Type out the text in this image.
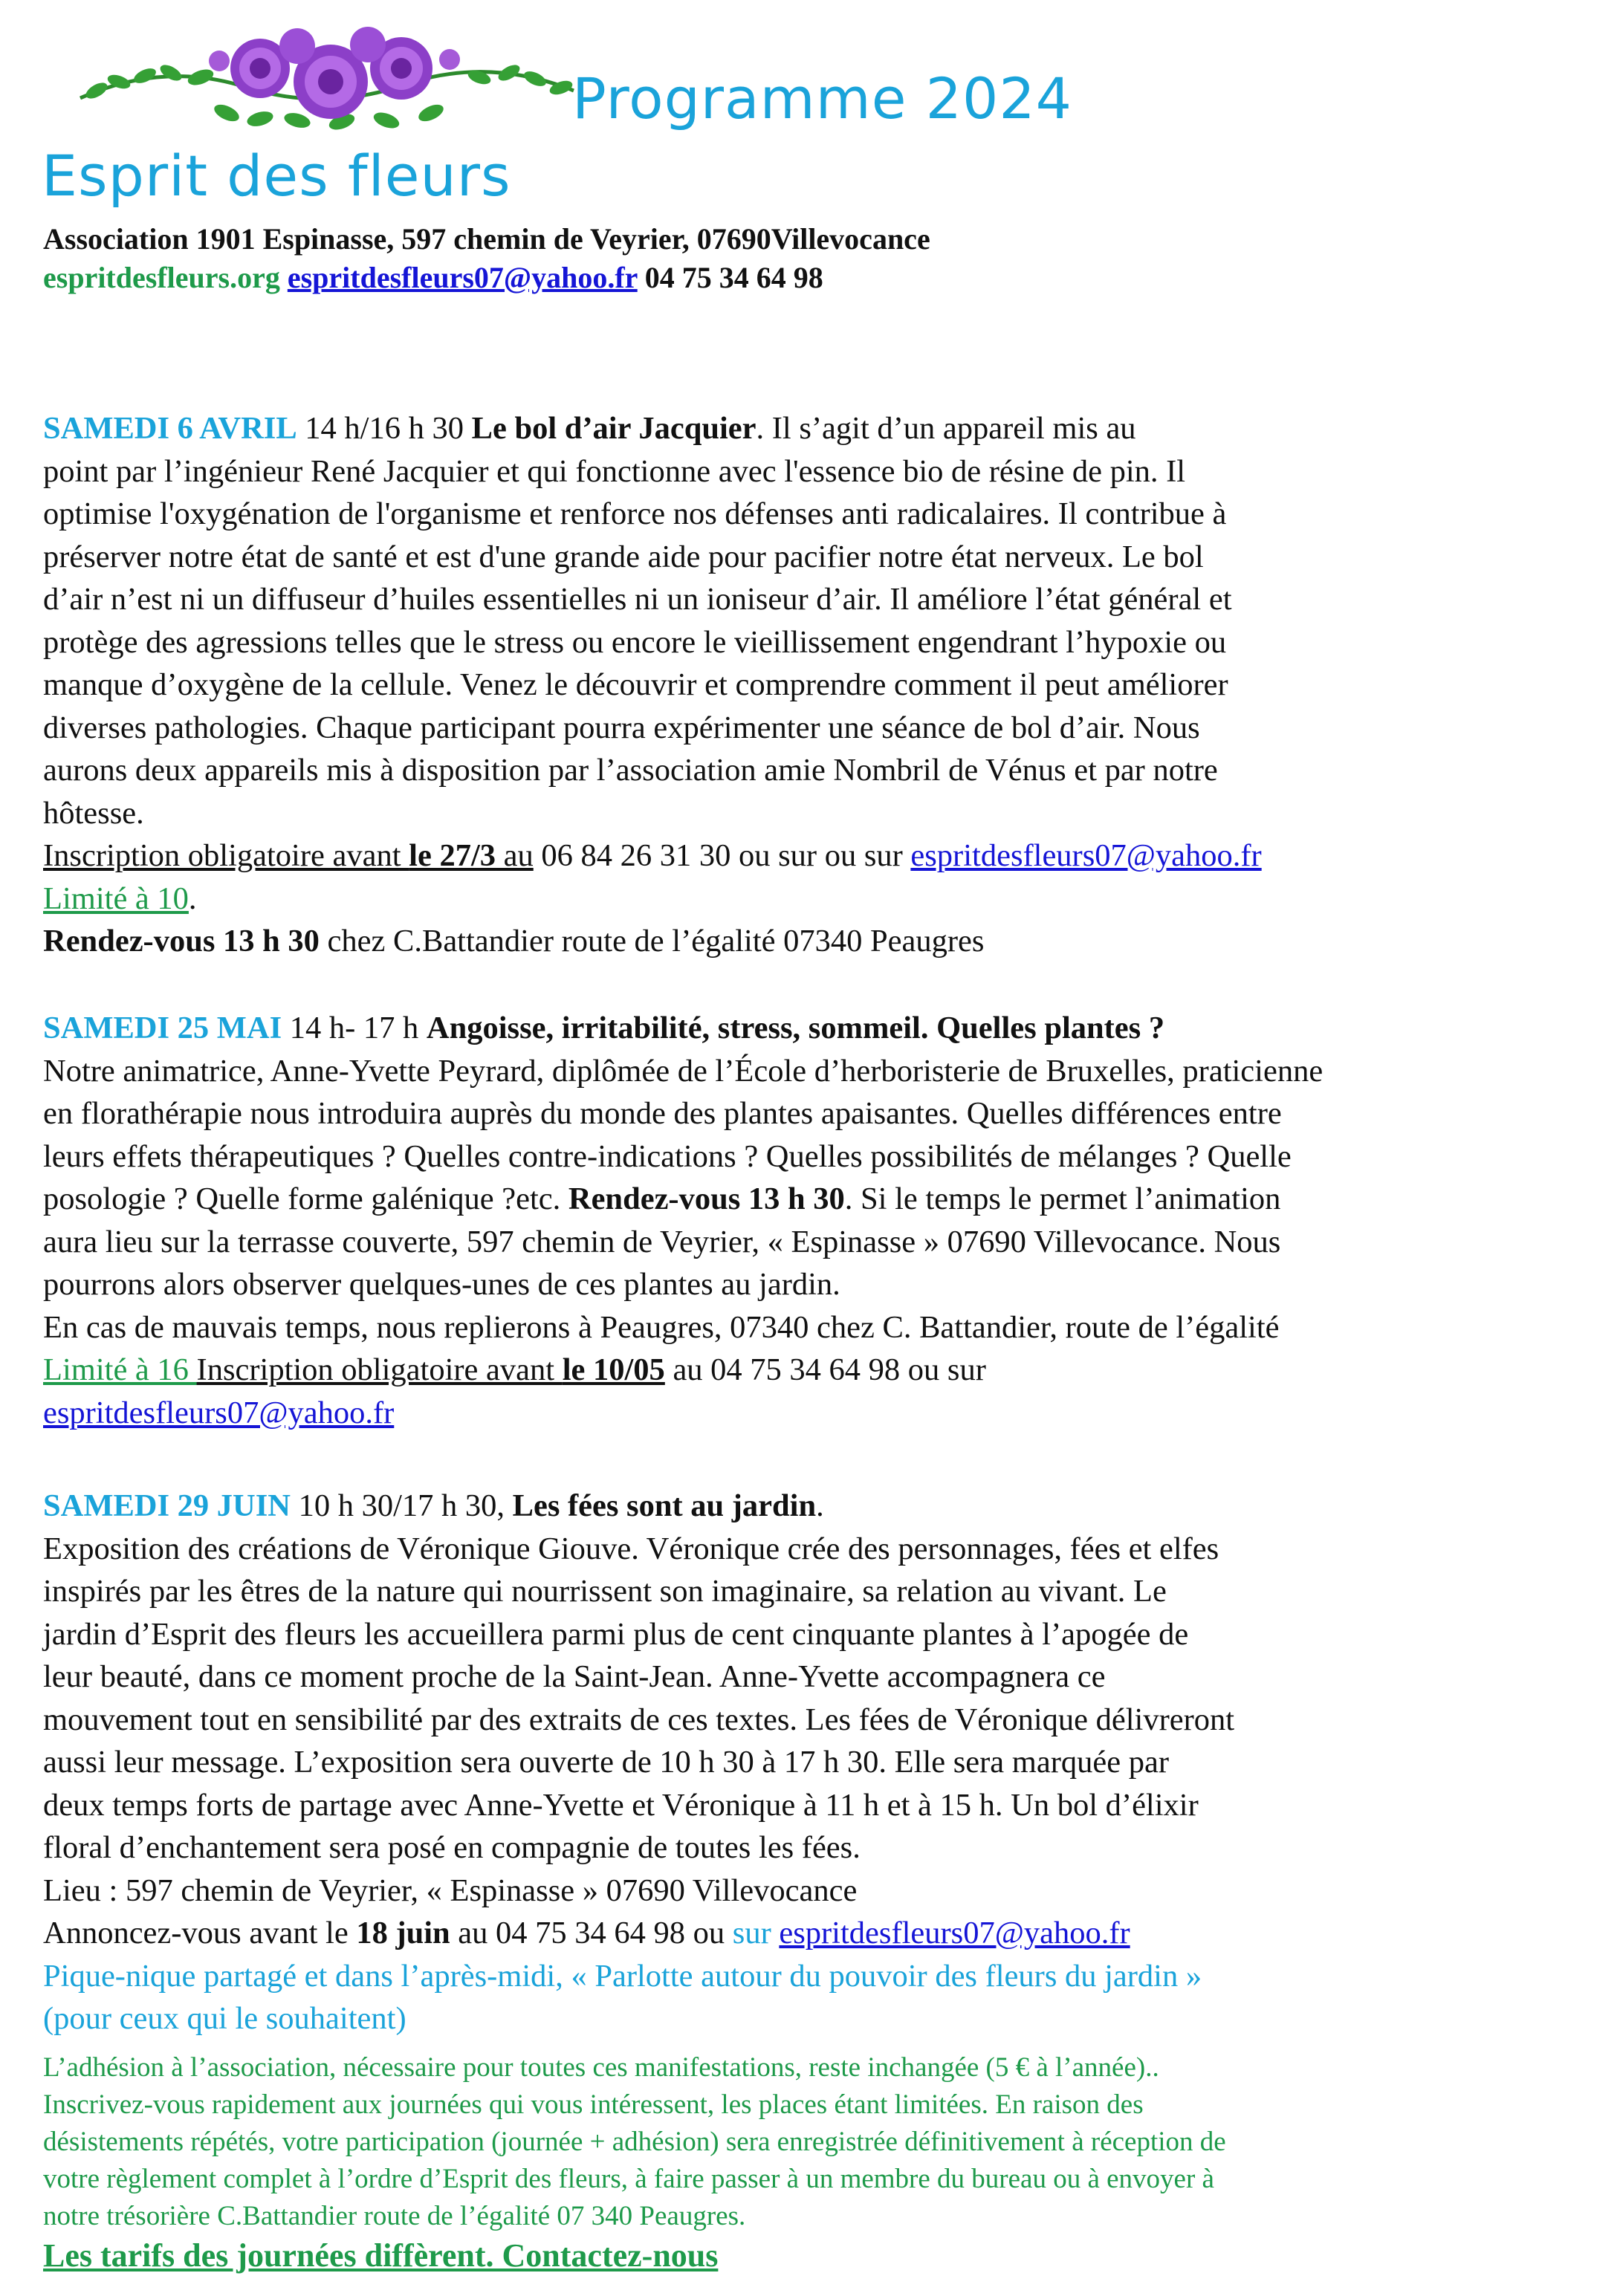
Programme 2024
Esprit des fleurs
Association 1901 Espinasse, 597 chemin de Veyrier, 07690Villevocance
espritdesfleurs.org espritdesfleurs07@yahoo.fr 04 75 34 64 98
SAMEDI 6 AVRIL 14 h/16 h 30 Le bol d’air Jacquier. Il s’agit d’un appareil mis au
point par l’ingénieur René Jacquier et qui fonctionne avec l'essence bio de résine de pin. Il
optimise l'oxygénation de l'organisme et renforce nos défenses anti radicalaires. Il contribue à
préserver notre état de santé et est d'une grande aide pour pacifier notre état nerveux. Le bol
d’air n’est ni un diffuseur d’huiles essentielles ni un ioniseur d’air. Il améliore l’état général et
protège des agressions telles que le stress ou encore le vieillissement engendrant l’hypoxie ou
manque d’oxygène de la cellule. Venez le découvrir et comprendre comment il peut améliorer
diverses pathologies. Chaque participant pourra expérimenter une séance de bol d’air. Nous
aurons deux appareils mis à disposition par l’association amie Nombril de Vénus et par notre
hôtesse.
Inscription obligatoire avant le 27/3 au 06 84 26 31 30 ou sur ou sur espritdesfleurs07@yahoo.fr
Limité à 10.
Rendez-vous 13 h 30 chez C.Battandier route de l’égalité 07340 Peaugres
SAMEDI 25 MAI 14 h- 17 h Angoisse, irritabilité, stress, sommeil. Quelles plantes ?
Notre animatrice, Anne-Yvette Peyrard, diplômée de l’École d’herboristerie de Bruxelles, praticienne
en florathérapie nous introduira auprès du monde des plantes apaisantes. Quelles différences entre
leurs effets thérapeutiques ? Quelles contre-indications ? Quelles possibilités de mélanges ? Quelle
posologie ? Quelle forme galénique ?etc. Rendez-vous 13 h 30. Si le temps le permet l’animation
aura lieu sur la terrasse couverte, 597 chemin de Veyrier, « Espinasse » 07690 Villevocance. Nous
pourrons alors observer quelques-unes de ces plantes au jardin.
En cas de mauvais temps, nous replierons à Peaugres, 07340 chez C. Battandier, route de l’égalité
Limité à 16 Inscription obligatoire avant le 10/05 au 04 75 34 64 98 ou sur
espritdesfleurs07@yahoo.fr
SAMEDI 29 JUIN 10 h 30/17 h 30, Les fées sont au jardin.
Exposition des créations de Véronique Giouve. Véronique crée des personnages, fées et elfes
inspirés par les êtres de la nature qui nourrissent son imaginaire, sa relation au vivant. Le
jardin d’Esprit des fleurs les accueillera parmi plus de cent cinquante plantes à l’apogée de
leur beauté, dans ce moment proche de la Saint-Jean. Anne-Yvette accompagnera ce
mouvement tout en sensibilité par des extraits de ces textes. Les fées de Véronique délivreront
aussi leur message. L’exposition sera ouverte de 10 h 30 à 17 h 30. Elle sera marquée par
deux temps forts de partage avec Anne-Yvette et Véronique à 11 h et à 15 h. Un bol d’élixir
floral d’enchantement sera posé en compagnie de toutes les fées.
Lieu : 597 chemin de Veyrier, « Espinasse » 07690 Villevocance
Annoncez-vous avant le 18 juin au 04 75 34 64 98 ou sur espritdesfleurs07@yahoo.fr
Pique-nique partagé et dans l’après-midi, « Parlotte autour du pouvoir des fleurs du jardin »
(pour ceux qui le souhaitent)
L’adhésion à l’association, nécessaire pour toutes ces manifestations, reste inchangée (5 € à l’année)..
Inscrivez-vous rapidement aux journées qui vous intéressent, les places étant limitées. En raison des
désistements répétés, votre participation (journée + adhésion) sera enregistrée définitivement à réception de
votre règlement complet à l’ordre d’Esprit des fleurs, à faire passer à un membre du bureau ou à envoyer à
notre trésorière C.Battandier route de l’égalité 07 340 Peaugres.
Les tarifs des journées diffèrent. Contactez-nous
